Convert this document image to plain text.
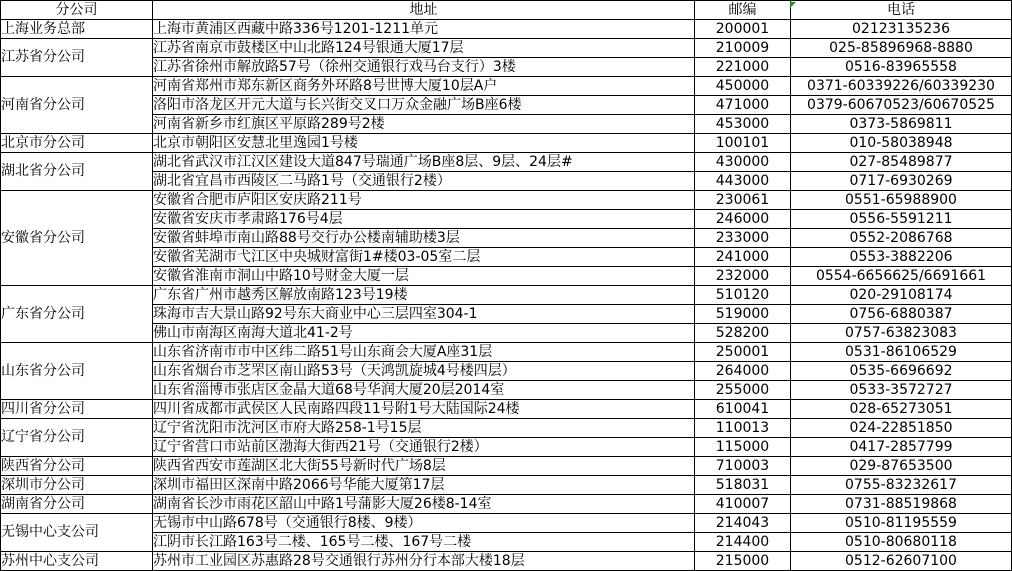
分公司	地址	邮编	电话
上海业务总部	上海市黄浦区西藏中路336号1201-1211单元	200001	02123135236
江苏省分公司	江苏省南京市鼓楼区中山北路124号银通大厦17层	210009	025-85896968-8880
	江苏省徐州市解放路57号（徐州交通银行戏马台支行）3楼	221000	0516-83965558
河南省分公司	河南省郑州市郑东新区商务外环路8号世博大厦10层A户	450000	0371-60339226/60339230
	洛阳市洛龙区开元大道与长兴街交叉口万众金融广场B座6楼	471000	0379-60670523/60670525
	河南省新乡市红旗区平原路289号2楼	453000	0373-5869811
北京市分公司	北京市朝阳区安慧北里逸园1号楼	100101	010-58038948
湖北省分公司	湖北省武汉市江汉区建设大道847号瑞通广场B座8层、9层、24层#	430000	027-85489877
	湖北省宜昌市西陵区二马路1号（交通银行2楼）	443000	0717-6930269
安徽省分公司	安徽省合肥市庐阳区安庆路211号	230061	0551-65988900
	安徽省安庆市孝肃路176号4层	246000	0556-5591211
	安徽省蚌埠市南山路88号交行办公楼南辅助楼3层	233000	0552-2086768
	安徽省芜湖市弋江区中央城财富街1#楼03-05室二层	241000	0553-3882206
	安徽省淮南市洞山中路10号财金大厦一层	232000	0554-6656625/6691661
广东省分公司	广东省广州市越秀区解放南路123号19楼	510120	020-29108174
	珠海市吉大景山路92号东大商业中心三层四室304-1	519000	0756-6880387
	佛山市南海区南海大道北41-2号	528200	0757-63823083
山东省分公司	山东省济南市市中区纬二路51号山东商会大厦A座31层	250001	0531-86106529
	山东省烟台市芝罘区南山路53号（天鸿凯旋城4号楼四层）	264000	0535-6696692
	山东省淄博市张店区金晶大道68号华润大厦20层2014室	255000	0533-3572727
四川省分公司	四川省成都市武侯区人民南路四段11号附1号大陆国际24楼	610041	028-65273051
辽宁省分公司	辽宁省沈阳市沈河区市府大路258-1号15层	110013	024-22851850
	辽宁省营口市站前区渤海大街西21号（交通银行2楼）	115000	0417-2857799
陕西省分公司	陕西省西安市莲湖区北大街55号新时代广场8层	710003	029-87653500
深圳市分公司	深圳市福田区深南中路2066号华能大厦第17层	518031	0755-83232617
湖南省分公司	湖南省长沙市雨花区韶山中路1号蒲影大厦26楼8-14室	410007	0731-88519868
无锡中心支公司	无锡市中山路678号（交通银行8楼、9楼）	214043	0510-81195559
	江阴市长江路163号二楼、165号二楼、167号二楼	214400	0510-80680118
苏州中心支公司	苏州市工业园区苏惠路28号交通银行苏州分行本部大楼18层	215000	0512-62607100
